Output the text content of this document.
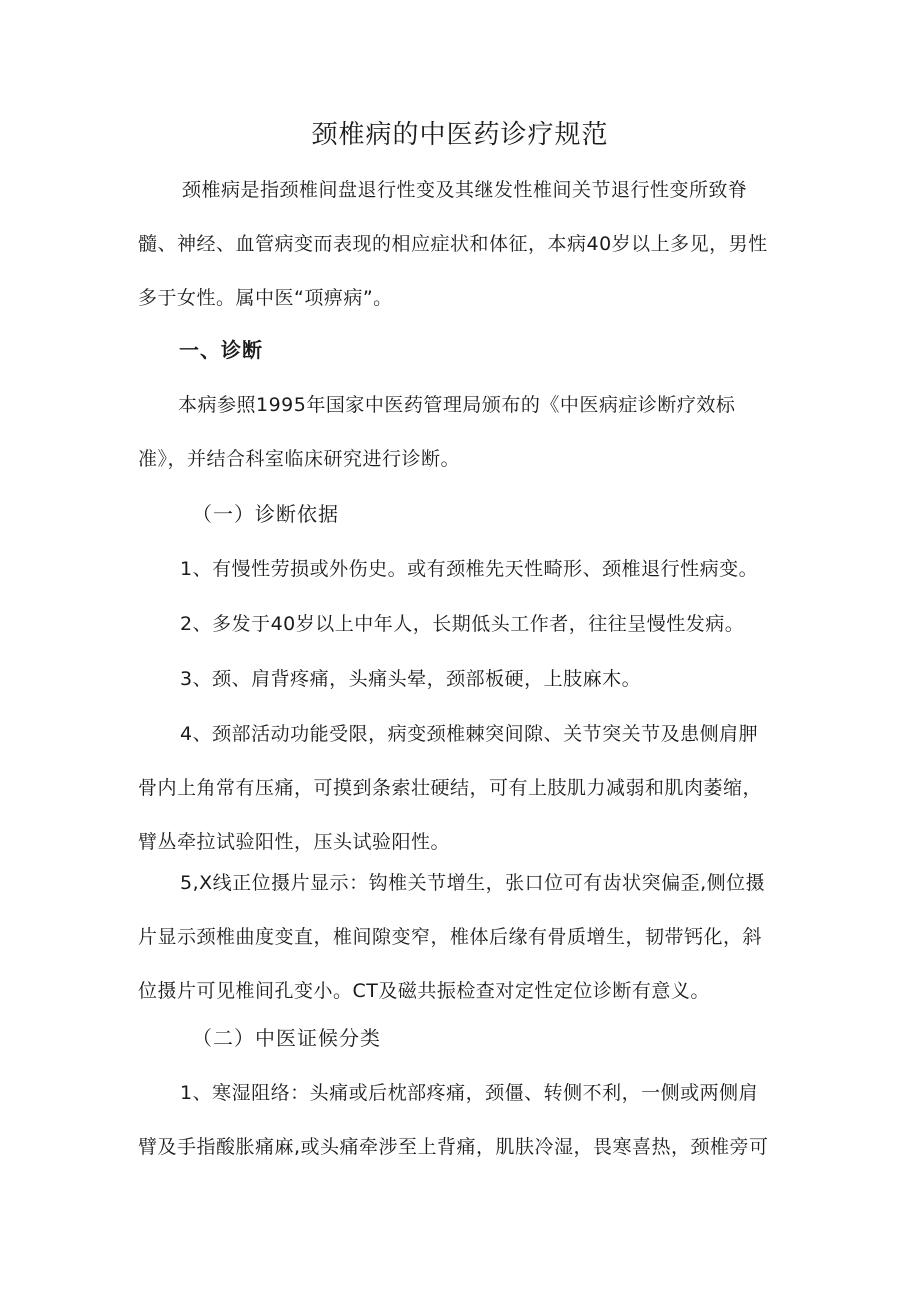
颈椎病的中医药诊疗规范

颈椎病是指颈椎间盘退行性变及其继发性椎间关节退行性变所致脊
髓、神经、血管病变而表现的相应症状和体征，本病40岁以上多见，男性
多于女性。属中医“项痹病”。

一、诊断

本病参照1995年国家中医药管理局颁布的《中医病症诊断疗效标
准》，并结合科室临床研究进行诊断。

（一）诊断依据

1、有慢性劳损或外伤史。或有颈椎先天性畸形、颈椎退行性病变。

2、多发于40岁以上中年人，长期低头工作者，往往呈慢性发病。

3、颈、肩背疼痛，头痛头晕，颈部板硬，上肢麻木。

4、颈部活动功能受限，病变颈椎棘突间隙、关节突关节及患侧肩胛
骨内上角常有压痛，可摸到条索壮硬结，可有上肢肌力减弱和肌肉萎缩，
臂丛牵拉试验阳性，压头试验阳性。

5,X线正位摄片显示：钩椎关节增生，张口位可有齿状突偏歪,侧位摄
片显示颈椎曲度变直，椎间隙变窄，椎体后缘有骨质增生，韧带钙化，斜
位摄片可见椎间孔变小。CT及磁共振检查对定性定位诊断有意义。

（二）中医证候分类

1、寒湿阻络：头痛或后枕部疼痛，颈僵、转侧不利，一侧或两侧肩
臂及手指酸胀痛麻,或头痛牵涉至上背痛，肌肤冷湿，畏寒喜热，颈椎旁可
